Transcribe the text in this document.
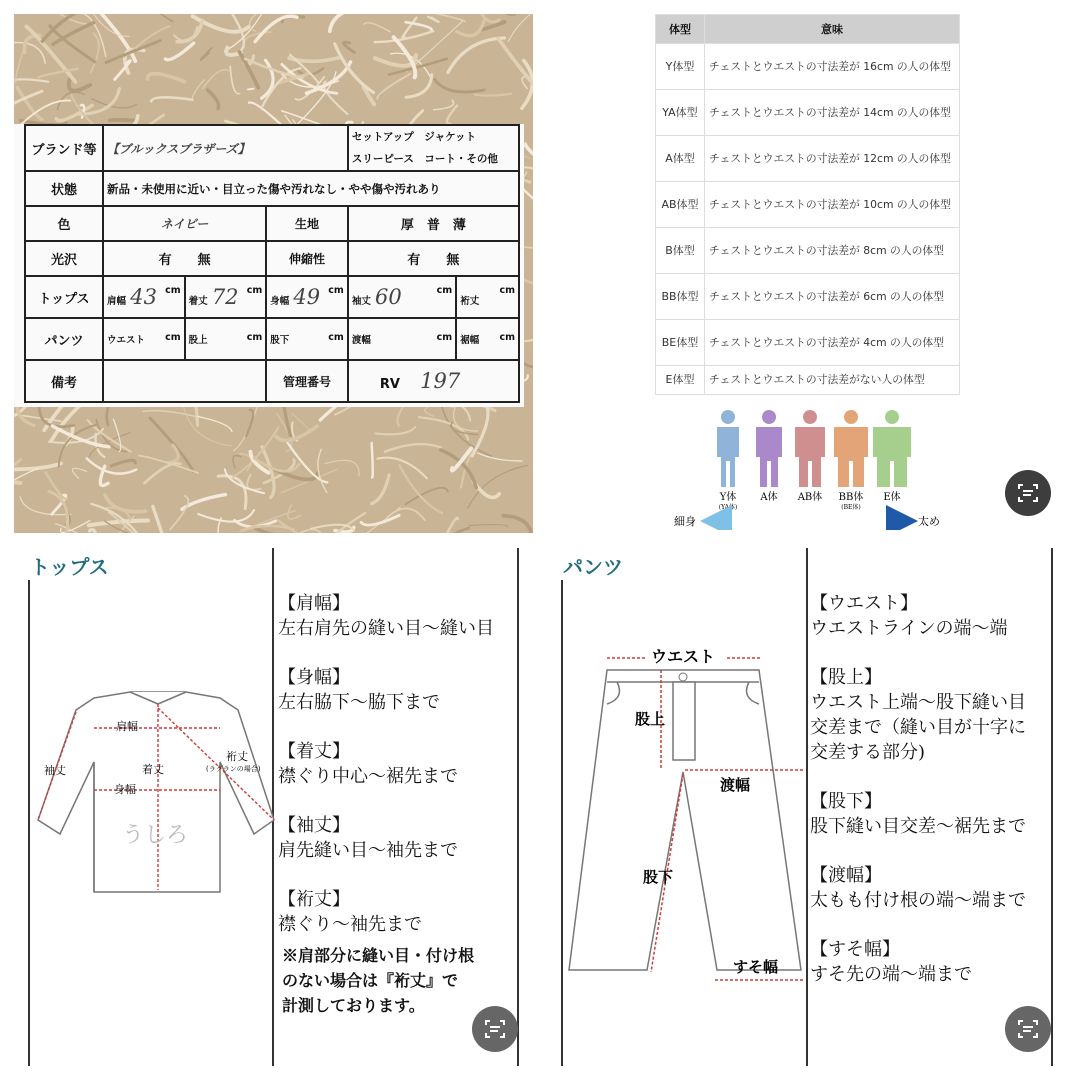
ブランド等	【ブルックスブラザーズ】			セットアップ　ジャケット
スリーピース　コート・その他	

状態	新品・未使用に近い・目立った傷や汚れなし・やや傷や汚れあり				
色	ネイビー		生地	厚　普　薄	
光沢	有　　無		伸縮性	有　　無	
トップス	肩幅 43 cm	着丈 72 cm	身幅 49 cm	袖丈 60 cm	裄丈
cm

パンツ	ウエスト cm	股上 cm	股下 cm	渡幅 cm	裾幅 cm

備考			管理番号	RV 197	
体型	意味
Y体型	チェストとウエストの寸法差が 16cm の人の体型
YA体型	チェストとウエストの寸法差が 14cm の人の体型
A体型	チェストとウエストの寸法差が 12cm の人の体型
AB体型	チェストとウエストの寸法差が 10cm の人の体型
B体型	チェストとウエストの寸法差が 8cm の人の体型
BB体型	チェストとウエストの寸法差が 6cm の人の体型
BE体型	チェストとウエストの寸法差が 4cm の人の体型
E体型	チェストとウエストの寸法差がない人の体型
Y体
(YA体)
A体 AB体 BB体
(BE体)
E体
細身	太め
トップス
肩幅
着丈
身幅
袖丈
裄丈
(ラグランの場合)
うしろ
【肩幅】
左右肩先の縫い目〜縫い目
【身幅】
左右脇下〜脇下まで
【着丈】
襟ぐり中心〜裾先まで
【袖丈】
肩先縫い目〜袖先まで
【裄丈】
襟ぐり〜袖先まで
※肩部分に縫い目・付け根
のない場合は『裄丈』で
計測しております。
パンツ
ウエスト
股上
渡幅
股下
すそ幅
【ウエスト】
ウエストラインの端〜端
【股上】
ウエスト上端〜股下縫い目
交差まで（縫い目が十字に
交差する部分)
【股下】
股下縫い目交差〜裾先まで
【渡幅】
太もも付け根の端〜端まで
【すそ幅】
すそ先の端〜端まで
